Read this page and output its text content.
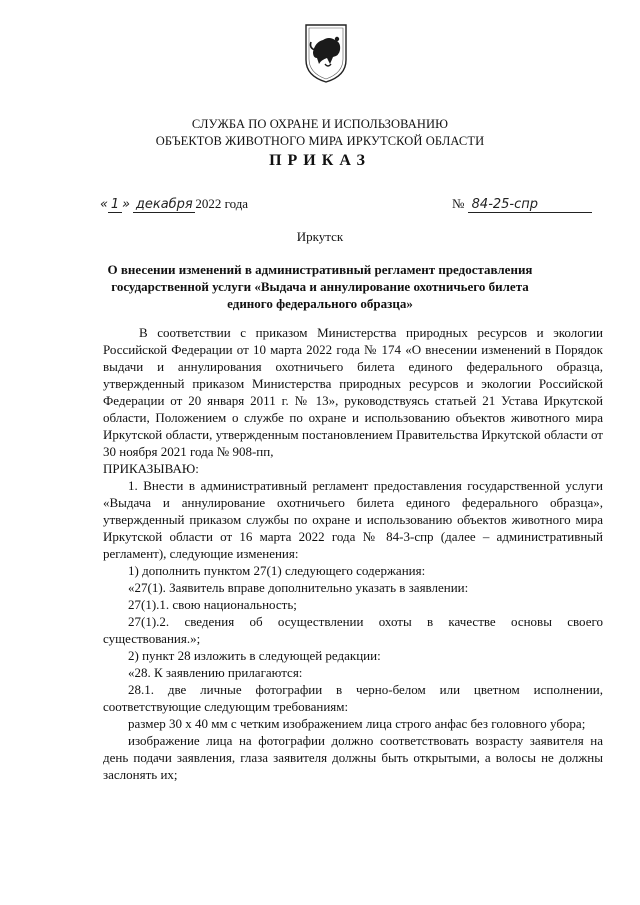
СЛУЖБА ПО ОХРАНЕ И ИСПОЛЬЗОВАНИЮ
ОБЪЕКТОВ ЖИВОТНОГО МИРА ИРКУТСКОЙ ОБЛАСТИ
ПРИКАЗ
« 1 » декабря 2022 года	№ 84-25-спр
Иркутск
О внесении изменений в административный регламент предоставления государственной услуги «Выдача и аннулирование охотничьего билета единого федерального образца»

В соответствии с приказом Министерства природных ресурсов и экологии Российской Федерации от 10 марта 2022 года № 174 «О внесении изменений в Порядок выдачи и аннулирования охотничьего билета единого федерального образца, утвержденный приказом Министерства природных ресурсов и экологии Российской Федерации от 20 января 2011 г. № 13», руководствуясь статьей 21 Устава Иркутской области, Положением о службе по охране и использованию объектов животного мира Иркутской области, утвержденным постановлением Правительства Иркутской области от 30 ноября 2021 года № 908-пп,

ПРИКАЗЫВАЮ:

1. Внести в административный регламент предоставления государственной услуги «Выдача и аннулирование охотничьего билета единого федерального образца», утвержденный приказом службы по охране и использованию объектов животного мира Иркутской области от 16 марта 2022 года № 84-3-спр (далее – административный регламент), следующие изменения:

1) дополнить пунктом 27(1) следующего содержания:

«27(1). Заявитель вправе дополнительно указать в заявлении:

27(1).1. свою национальность;

27(1).2. сведения об осуществлении охоты в качестве основы своего существования.»;

2) пункт 28 изложить в следующей редакции:

«28. К заявлению прилагаются:

28.1. две личные фотографии в черно-белом или цветном исполнении, соответствующие следующим требованиям:

размер 30 х 40 мм с четким изображением лица строго анфас без головного убора;

изображение лица на фотографии должно соответствовать возрасту заявителя на день подачи заявления, глаза заявителя должны быть открытыми, а волосы не должны заслонять их;
